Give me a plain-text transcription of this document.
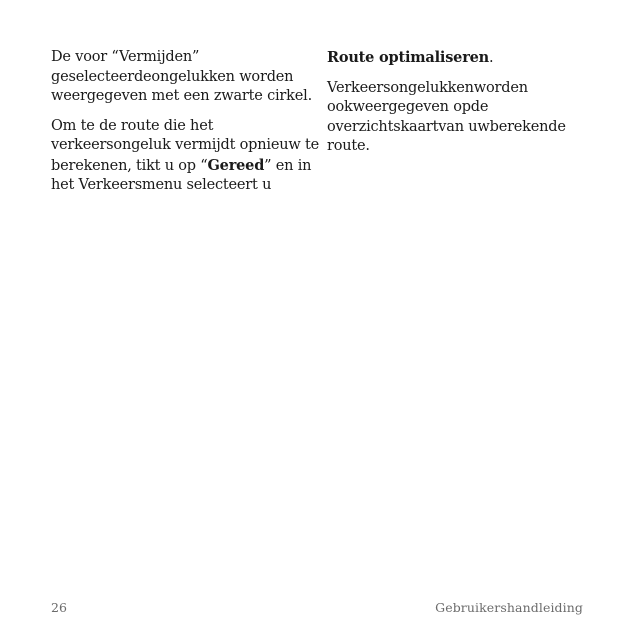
De voor “Vermijden” geselecteerdeongelukken worden weergegeven met een zwarte cirkel.

Om te de route die het verkeersongeluk vermijdt opnieuw te berekenen, tikt u op “Gereed” en in het Verkeersmenu selecteert u

Route optimaliseren.

Verkeersongelukkenworden ookweergegeven opde overzichtskaartvan uwberekende route.

26	Gebruikershandleiding
